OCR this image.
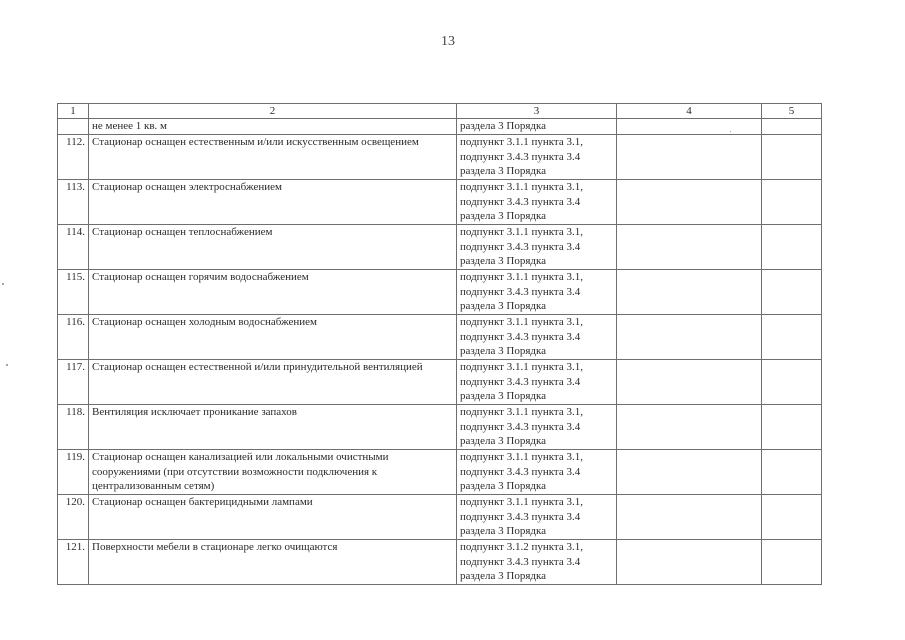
13
1	2	3	4	5
	не менее 1 кв. м	раздела 3 Порядка		
112.	Стационар оснащен естественным и/или искусственным освещением	подпункт 3.1.1 пункта 3.1,
подпункт 3.4.3 пункта 3.4
раздела 3 Порядка		
113.	Стационар оснащен электроснабжением	подпункт 3.1.1 пункта 3.1,
подпункт 3.4.3 пункта 3.4
раздела 3 Порядка		
114.	Стационар оснащен теплоснабжением	подпункт 3.1.1 пункта 3.1,
подпункт 3.4.3 пункта 3.4
раздела 3 Порядка		
115.	Стационар оснащен горячим водоснабжением	подпункт 3.1.1 пункта 3.1,
подпункт 3.4.3 пункта 3.4
раздела 3 Порядка		
116.	Стационар оснащен холодным водоснабжением	подпункт 3.1.1 пункта 3.1,
подпункт 3.4.3 пункта 3.4
раздела 3 Порядка		
117.	Стационар оснащен естественной и/или принудительной вентиляцией	подпункт 3.1.1 пункта 3.1,
подпункт 3.4.3 пункта 3.4
раздела 3 Порядка		
118.	Вентиляция исключает проникание запахов	подпункт 3.1.1 пункта 3.1,
подпункт 3.4.3 пункта 3.4
раздела 3 Порядка		
119.	Стационар оснащен канализацией или локальными очистными сооружениями (при отсутствии возможности подключения к централизованным сетям)	подпункт 3.1.1 пункта 3.1,
подпункт 3.4.3 пункта 3.4
раздела 3 Порядка		
120.	Стационар оснащен бактерицидными лампами	подпункт 3.1.1 пункта 3.1,
подпункт 3.4.3 пункта 3.4
раздела 3 Порядка		
121.	Поверхности мебели в стационаре легко очищаются	подпункт 3.1.2 пункта 3.1,
подпункт 3.4.3 пункта 3.4
раздела 3 Порядка		
